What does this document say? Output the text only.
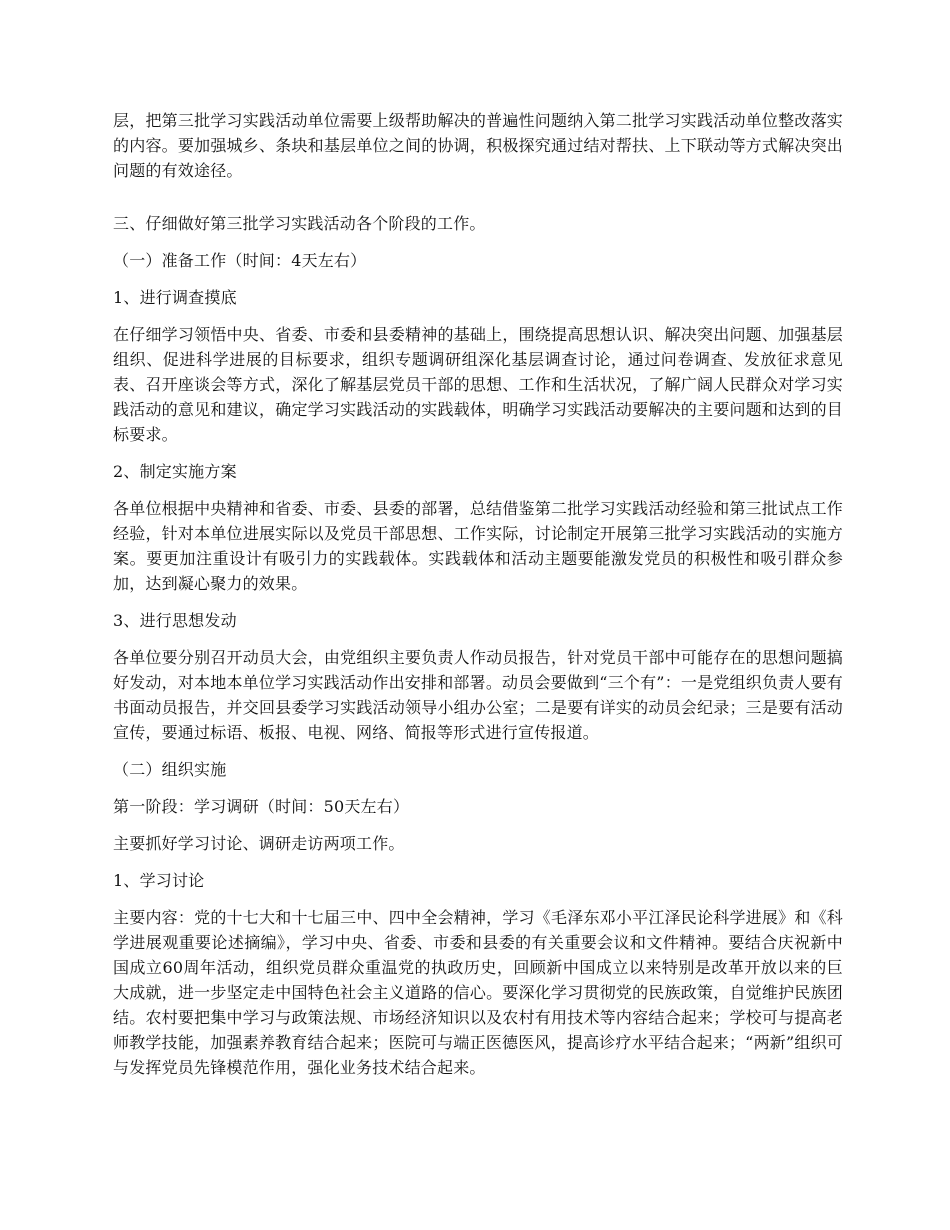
层，把第三批学习实践活动单位需要上级帮助解决的普遍性问题纳入第二批学习实践活动单位整改落实的内容。要加强城乡、条块和基层单位之间的协调，积极探究通过结对帮扶、上下联动等方式解决突出问题的有效途径。

三、仔细做好第三批学习实践活动各个阶段的工作。

（一）准备工作（时间：4天左右）

1、进行调查摸底

在仔细学习领悟中央、省委、市委和县委精神的基础上，围绕提高思想认识、解决突出问题、加强基层组织、促进科学进展的目标要求，组织专题调研组深化基层调查讨论，通过问卷调查、发放征求意见表、召开座谈会等方式，深化了解基层党员干部的思想、工作和生活状况，了解广阔人民群众对学习实践活动的意见和建议，确定学习实践活动的实践载体，明确学习实践活动要解决的主要问题和达到的目标要求。

2、制定实施方案

各单位根据中央精神和省委、市委、县委的部署，总结借鉴第二批学习实践活动经验和第三批试点工作经验，针对本单位进展实际以及党员干部思想、工作实际，讨论制定开展第三批学习实践活动的实施方案。要更加注重设计有吸引力的实践载体。实践载体和活动主题要能激发党员的积极性和吸引群众参加，达到凝心聚力的效果。

3、进行思想发动

各单位要分别召开动员大会，由党组织主要负责人作动员报告，针对党员干部中可能存在的思想问题搞好发动，对本地本单位学习实践活动作出安排和部署。动员会要做到“三个有”：一是党组织负责人要有书面动员报告，并交回县委学习实践活动领导小组办公室；二是要有详实的动员会纪录；三是要有活动宣传，要通过标语、板报、电视、网络、简报等形式进行宣传报道。

（二）组织实施

第一阶段：学习调研（时间：50天左右）

主要抓好学习讨论、调研走访两项工作。

1、学习讨论

主要内容：党的十七大和十七届三中、四中全会精神，学习《毛泽东邓小平江泽民论科学进展》和《科学进展观重要论述摘编》，学习中央、省委、市委和县委的有关重要会议和文件精神。要结合庆祝新中国成立60周年活动，组织党员群众重温党的执政历史，回顾新中国成立以来特别是改革开放以来的巨大成就，进一步坚定走中国特色社会主义道路的信心。要深化学习贯彻党的民族政策，自觉维护民族团结。农村要把集中学习与政策法规、市场经济知识以及农村有用技术等内容结合起来；学校可与提高老师教学技能，加强素养教育结合起来；医院可与端正医德医风，提高诊疗水平结合起来；“两新”组织可与发挥党员先锋模范作用，强化业务技术结合起来。
